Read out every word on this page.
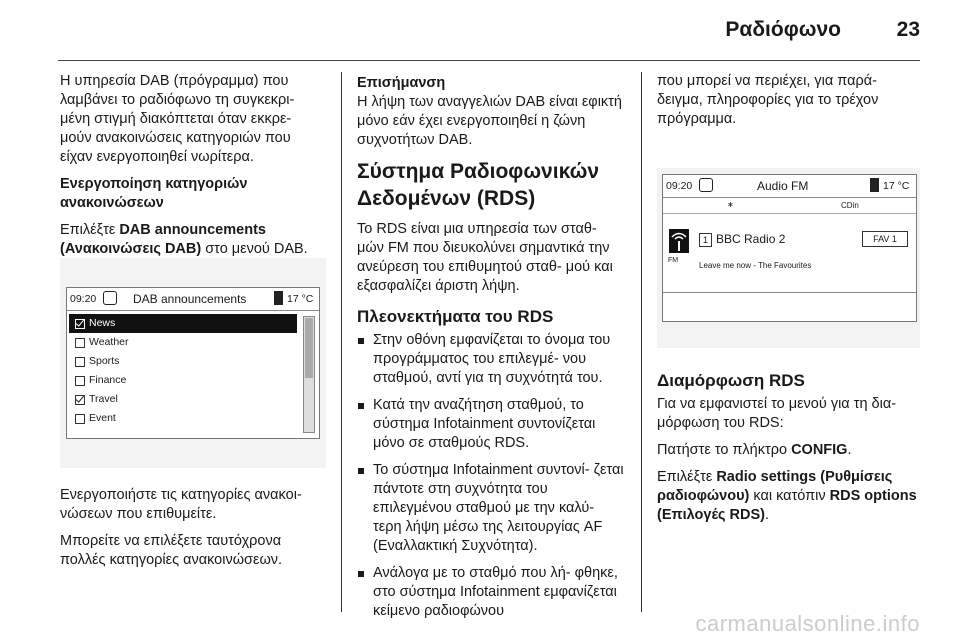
Ραδιόφωνο	23

Η υπηρεσία DAB (πρόγραμμα) που λαμβάνει το ραδιόφωνο τη συγκεκρι- μένη στιγμή διακόπτεται όταν εκκρε- μούν ανακοινώσεις κατηγοριών που είχαν ενεργοποιηθεί νωρίτερα.

Ενεργοποίηση κατηγοριών ανακοινώσεων

Επιλέξτε DAB announcements (Ανακοινώσεις DAB) στο μενού DAB.

09:20	DAB announcements	17 °C
News
Weather
Sports
Finance
Travel
Event

Ενεργοποιήστε τις κατηγορίες ανακοι- νώσεων που επιθυμείτε.

Μπορείτε να επιλέξετε ταυτόχρονα πολλές κατηγορίες ανακοινώσεων.

Επισήμανση

Η λήψη των αναγγελιών DAB είναι εφικτή μόνο εάν έχει ενεργοποιηθεί η ζώνη συχνοτήτων DAB.

Σύστημα Ραδιοφωνικών Δεδομένων (RDS)

Το RDS είναι μια υπηρεσία των σταθ- μών FM που διευκολύνει σημαντικά την ανεύρεση του επιθυμητού σταθ- μού και εξασφαλίζει άριστη λήψη.

Πλεονεκτήματα του RDS
Στην οθόνη εμφανίζεται το όνομα του προγράμματος του επιλεγμέ- νου σταθμού, αντί για τη συχνότητά του.
Κατά την αναζήτηση σταθμού, το σύστημα Infotainment συντονίζεται μόνο σε σταθμούς RDS.
Το σύστημα Infotainment συντονί- ζεται πάντοτε στη συχνότητα του επιλεγμένου σταθμού με την καλύ- τερη λήψη μέσω της λειτουργίας AF (Εναλλακτική Συχνότητα).
Ανάλογα με το σταθμό που λή- φθηκε, στο σύστημα Infotainment εμφανίζεται κείμενο ραδιοφώνου

που μπορεί να περιέχει, για παρά- δειγμα, πληροφορίες για το τρέχον πρόγραμμα.

09:20	Audio FM	17 °C
∗	CDin
FM
1 BBC Radio 2	FAV 1
Leave me now - The Favourites
Διαμόρφωση RDS

Για να εμφανιστεί το μενού για τη δια- μόρφωση του RDS:

Πατήστε το πλήκτρο CONFIG.

Επιλέξτε Radio settings (Ρυθμίσεις ραδιοφώνου) και κατόπιν RDS options (Επιλογές RDS).

carmanualsonline.info
